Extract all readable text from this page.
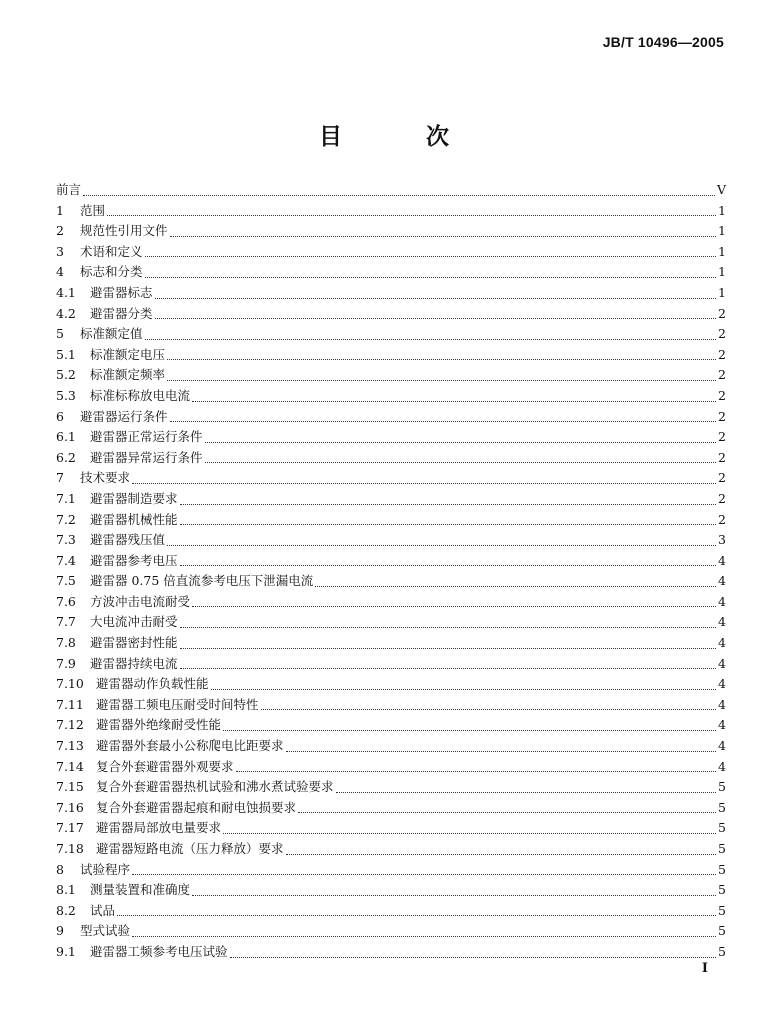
JB/T 10496—2005
目 次
前言	V
1	范围	1
2	规范性引用文件	1
3	术语和定义	1
4	标志和分类	1
4.1	避雷器标志	1
4.2	避雷器分类	2
5	标准额定值	2
5.1	标准额定电压	2
5.2	标准额定频率	2
5.3	标准标称放电电流	2
6	避雷器运行条件	2
6.1	避雷器正常运行条件	2
6.2	避雷器异常运行条件	2
7	技术要求	2
7.1	避雷器制造要求	2
7.2	避雷器机械性能	2
7.3	避雷器残压值	3
7.4	避雷器参考电压	4
7.5	避雷器 0.75 倍直流参考电压下泄漏电流	4
7.6	方波冲击电流耐受	4
7.7	大电流冲击耐受	4
7.8	避雷器密封性能	4
7.9	避雷器持续电流	4
7.10 避雷器动作负载性能	4
7.11 避雷器工频电压耐受时间特性	4
7.12 避雷器外绝缘耐受性能	4
7.13 避雷器外套最小公称爬电比距要求	4
7.14 复合外套避雷器外观要求	4
7.15 复合外套避雷器热机试验和沸水煮试验要求	5
7.16 复合外套避雷器起痕和耐电蚀损要求	5
7.17 避雷器局部放电量要求	5
7.18 避雷器短路电流（压力释放）要求	5
8	试验程序	5
8.1	测量装置和准确度	5
8.2	试品	5
9	型式试验	5
9.1	避雷器工频参考电压试验	5
I
